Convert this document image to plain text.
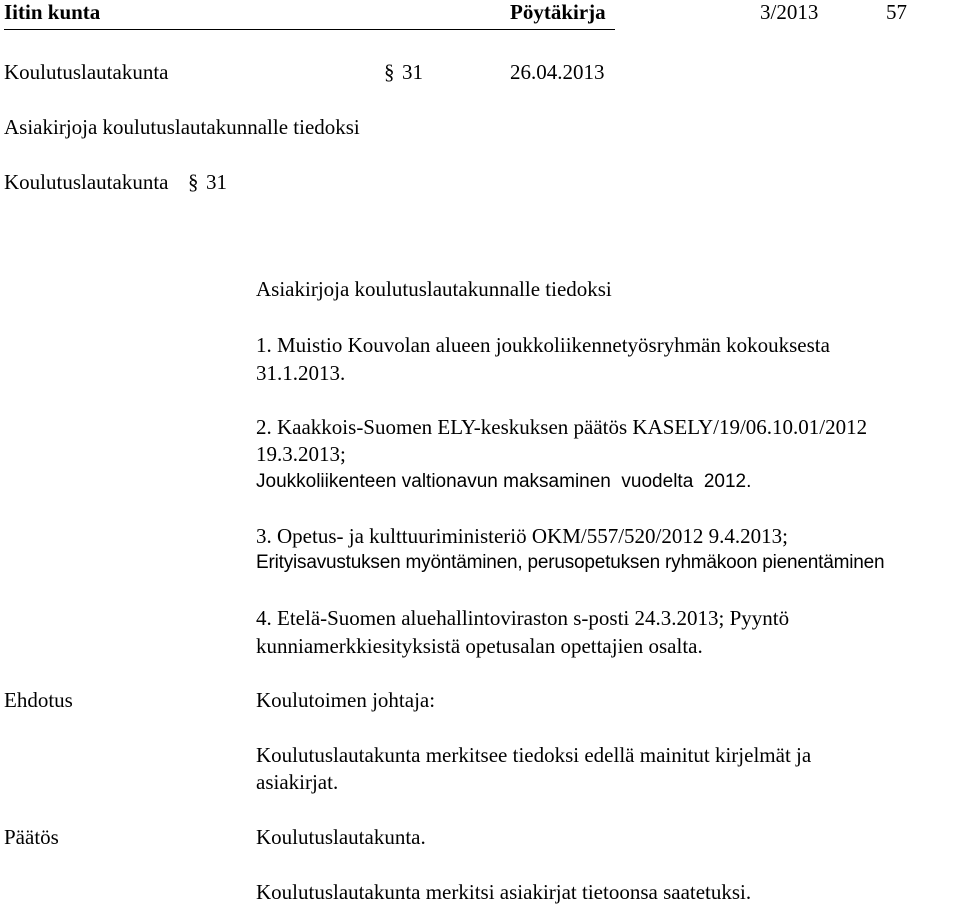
Iitin kunta	Pöytäkirja	3/2013	57
Koulutuslautakunta	§ 31	26.04.2013
Asiakirjoja koulutuslautakunnalle tiedoksi
Koulutuslautakunta § 31
Asiakirjoja koulutuslautakunnalle tiedoksi
1. Muistio Kouvolan alueen joukkoliikennetyösryhmän kokouksesta
31.1.2013.
2. Kaakkois-Suomen ELY-keskuksen päätös KASELY/19/06.10.01/2012
19.3.2013;
Joukkoliikenteen valtionavun maksaminen  vuodelta  2012.
3. Opetus- ja kulttuuriministeriö OKM/557/520/2012 9.4.2013;
Erityisavustuksen myöntäminen, perusopetuksen ryhmäkoon pienentäminen
4. Etelä-Suomen aluehallintoviraston s-posti 24.3.2013; Pyyntö
kunniamerkkiesityksistä opetusalan opettajien osalta.
Ehdotus	Koulutoimen johtaja:
Koulutuslautakunta merkitsee tiedoksi edellä mainitut kirjelmät ja
asiakirjat.
Päätös	Koulutuslautakunta.
Koulutuslautakunta merkitsi asiakirjat tietoonsa saatetuksi.
